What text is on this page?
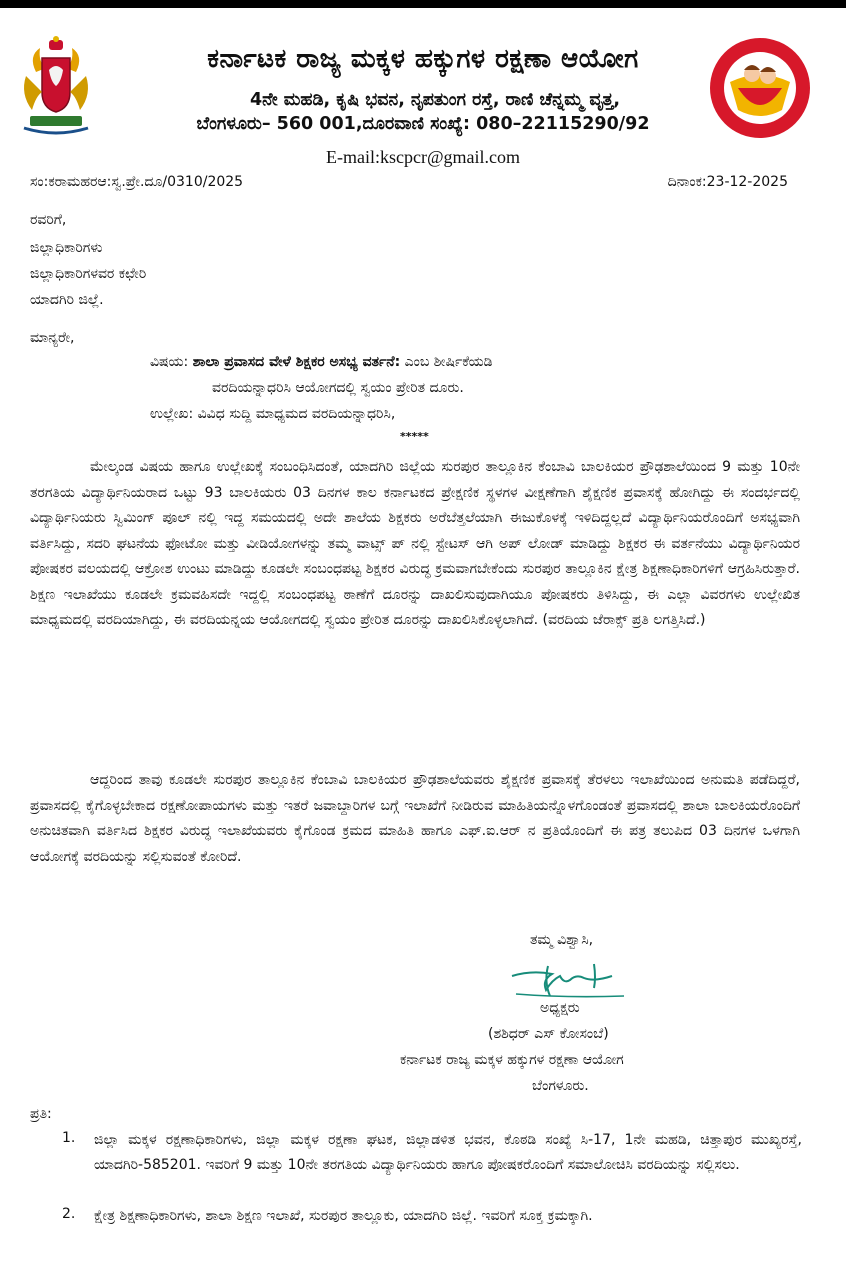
ಕರ್ನಾಟಕ ರಾಜ್ಯ ಮಕ್ಕಳ ಹಕ್ಕುಗಳ ರಕ್ಷಣಾ ಆಯೋಗ
4ನೇ ಮಹಡಿ, ಕೃಷಿ ಭವನ, ನೃಪತುಂಗ ರಸ್ತೆ, ರಾಣಿ ಚೆನ್ನಮ್ಮ ವೃತ್ತ,
ಬೆಂಗಳೂರು– 560 001,ದೂರವಾಣಿ ಸಂಖ್ಯೆ: 080–22115290/92
E-mail:kscpcr@gmail.com
ಸಂ:ಕರಾಮಹರಆ:ಸ್ವ.ಪ್ರೇ.ದೂ/0310/2025	ದಿನಾಂಕ:23-12-2025
ರವರಿಗೆ,
ಜಿಲ್ಲಾಧಿಕಾರಿಗಳು
ಜಿಲ್ಲಾಧಿಕಾರಿಗಳವರ ಕಛೇರಿ
ಯಾದಗಿರಿ ಜಿಲ್ಲೆ.
ಮಾನ್ಯರೇ,
ವಿಷಯ: ಶಾಲಾ ಪ್ರವಾಸದ ವೇಳೆ ಶಿಕ್ಷಕರ ಅಸಭ್ಯ ವರ್ತನೆ: ಎಂಬ ಶೀರ್ಷಿಕೆಯಡಿ
ವರದಿಯನ್ನಾಧರಿಸಿ ಆಯೋಗದಲ್ಲಿ ಸ್ವಯಂ ಪ್ರೇರಿತ ದೂರು.
ಉಲ್ಲೇಖ: ವಿವಿಧ ಸುದ್ದಿ ಮಾಧ್ಯಮದ ವರದಿಯನ್ನಾಧರಿಸಿ,
*****
ಮೇಲ್ಕಂಡ ವಿಷಯ ಹಾಗೂ ಉಲ್ಲೇಖಕ್ಕೆ ಸಂಬಂಧಿಸಿದಂತೆ, ಯಾದಗಿರಿ ಜಿಲ್ಲೆಯ ಸುರಪುರ ತಾಲ್ಲೂಕಿನ ಕೆಂಬಾವಿ ಬಾಲಕಿಯರ ಪ್ರೌಢಶಾಲೆಯಿಂದ 9 ಮತ್ತು 10ನೇ ತರಗತಿಯ ವಿದ್ಯಾರ್ಥಿನಿಯರಾದ ಒಟ್ಟು 93 ಬಾಲಕಿಯರು 03 ದಿನಗಳ ಕಾಲ ಕರ್ನಾಟಕದ ಪ್ರೇಕ್ಷಣಿಕ ಸ್ಥಳಗಳ ವೀಕ್ಷಣೆಗಾಗಿ ಶೈಕ್ಷಣಿಕ ಪ್ರವಾಸಕ್ಕೆ ಹೋಗಿದ್ದು ಈ ಸಂದರ್ಭದಲ್ಲಿ ವಿದ್ಯಾರ್ಥಿನಿಯರು ಸ್ವಿಮಿಂಗ್ ಪೂಲ್ ನಲ್ಲಿ ಇದ್ದ ಸಮಯದಲ್ಲಿ ಅದೇ ಶಾಲೆಯ ಶಿಕ್ಷಕರು ಅರೆಬೆತ್ತಲೆಯಾಗಿ ಈಜುಕೊಳಕ್ಕೆ ಇಳಿದಿದ್ದಲ್ಲದೆ ವಿದ್ಯಾರ್ಥಿನಿಯರೊಂದಿಗೆ ಅಸಭ್ಯವಾಗಿ ವರ್ತಿಸಿದ್ದು, ಸದರಿ ಘಟನೆಯ ಫೋಟೋ ಮತ್ತು ವೀಡಿಯೋಗಳನ್ನು ತಮ್ಮ ವಾಟ್ಸ್ ಪ್ ನಲ್ಲಿ ಸ್ಟೇಟಸ್ ಆಗಿ ಅಪ್ ಲೋಡ್ ಮಾಡಿದ್ದು ಶಿಕ್ಷಕರ ಈ ವರ್ತನೆಯು ವಿದ್ಯಾರ್ಥಿನಿಯರ ಪೋಷಕರ ವಲಯದಲ್ಲಿ ಆಕ್ರೋಶ ಉಂಟು ಮಾಡಿದ್ದು ಕೂಡಲೇ ಸಂಬಂಧಪಟ್ಟ ಶಿಕ್ಷಕರ ವಿರುದ್ಧ ಕ್ರಮವಾಗಬೇಕೆಂದು ಸುರಪುರ ತಾಲ್ಲೂಕಿನ ಕ್ಷೇತ್ರ ಶಿಕ್ಷಣಾಧಿಕಾರಿಗಳಿಗೆ ಆಗ್ರಹಿಸಿರುತ್ತಾರೆ. ಶಿಕ್ಷಣ ಇಲಾಖೆಯು ಕೂಡಲೇ ಕ್ರಮವಹಿಸದೇ ಇದ್ದಲ್ಲಿ ಸಂಬಂಧಪಟ್ಟ ಠಾಣೆಗೆ ದೂರನ್ನು ದಾಖಲಿಸುವುದಾಗಿಯೂ ಪೋಷಕರು ತಿಳಿಸಿದ್ದು, ಈ ಎಲ್ಲಾ ವಿವರಗಳು ಉಲ್ಲೇಖಿತ ಮಾಧ್ಯಮದಲ್ಲಿ ವರದಿಯಾಗಿದ್ದು, ಈ ವರದಿಯನ್ನಯ ಆಯೋಗದಲ್ಲಿ ಸ್ವಯಂ ಪ್ರೇರಿತ ದೂರನ್ನು ದಾಖಲಿಸಿಕೊಳ್ಳಲಾಗಿದೆ. (ವರದಿಯ ಜೆರಾಕ್ಸ್ ಪ್ರತಿ ಲಗತ್ತಿಸಿದೆ.)
ಆದ್ದರಿಂದ ತಾವು ಕೂಡಲೇ ಸುರಪುರ ತಾಲ್ಲೂಕಿನ ಕೆಂಬಾವಿ ಬಾಲಕಿಯರ ಪ್ರೌಢಶಾಲೆಯವರು ಶೈಕ್ಷಣಿಕ ಪ್ರವಾಸಕ್ಕೆ ತೆರಳಲು ಇಲಾಖೆಯಿಂದ ಅನುಮತಿ ಪಡೆದಿದ್ದರೆ, ಪ್ರವಾಸದಲ್ಲಿ ಕೈಗೊಳ್ಳಬೇಕಾದ ರಕ್ಷಣೋಪಾಯಗಳು ಮತ್ತು ಇತರೆ ಜವಾಬ್ದಾರಿಗಳ ಬಗ್ಗೆ ಇಲಾಖೆಗೆ ನೀಡಿರುವ ಮಾಹಿತಿಯನ್ನೊಳಗೊಂಡಂತೆ ಪ್ರವಾಸದಲ್ಲಿ ಶಾಲಾ ಬಾಲಕಿಯರೊಂದಿಗೆ ಅನುಚಿತವಾಗಿ ವರ್ತಿಸಿದ ಶಿಕ್ಷಕರ ವಿರುದ್ಧ ಇಲಾಖೆಯವರು ಕೈಗೊಂಡ ಕ್ರಮದ ಮಾಹಿತಿ ಹಾಗೂ ಎಫ್.ಐ.ಆರ್ ನ ಪ್ರತಿಯೊಂದಿಗೆ ಈ ಪತ್ರ ತಲುಪಿದ 03 ದಿನಗಳ ಒಳಗಾಗಿ ಆಯೋಗಕ್ಕೆ ವರದಿಯನ್ನು ಸಲ್ಲಿಸುವಂತೆ ಕೋರಿದೆ.
ತಮ್ಮ ವಿಶ್ವಾಸಿ,
ಅಧ್ಯಕ್ಷರು
(ಶಶಿಧರ್ ಎಸ್ ಕೋಸಂಬೆ)
ಕರ್ನಾಟಕ ರಾಜ್ಯ ಮಕ್ಕಳ ಹಕ್ಕುಗಳ ರಕ್ಷಣಾ ಆಯೋಗ
ಬೆಂಗಳೂರು.
ಪ್ರತಿ:
1. ಜಿಲ್ಲಾ ಮಕ್ಕಳ ರಕ್ಷಣಾಧಿಕಾರಿಗಳು, ಜಿಲ್ಲಾ ಮಕ್ಕಳ ರಕ್ಷಣಾ ಘಟಕ, ಜಿಲ್ಲಾಡಳಿತ ಭವನ, ಕೊಠಡಿ ಸಂಖ್ಯೆ ಸಿ-17, 1ನೇ ಮಹಡಿ, ಚಿತ್ತಾಪುರ ಮುಖ್ಯರಸ್ತೆ, ಯಾದಗಿರಿ-585201. ಇವರಿಗೆ 9 ಮತ್ತು 10ನೇ ತರಗತಿಯ ವಿದ್ಯಾರ್ಥಿನಿಯರು ಹಾಗೂ ಪೋಷಕರೊಂದಿಗೆ ಸಮಾಲೋಚಿಸಿ ವರದಿಯನ್ನು ಸಲ್ಲಿಸಲು.
2. ಕ್ಷೇತ್ರ ಶಿಕ್ಷಣಾಧಿಕಾರಿಗಳು, ಶಾಲಾ ಶಿಕ್ಷಣ ಇಲಾಖೆ, ಸುರಪುರ ತಾಲ್ಲೂಕು, ಯಾದಗಿರಿ ಜಿಲ್ಲೆ. ಇವರಿಗೆ ಸೂಕ್ತ ಕ್ರಮಕ್ಕಾಗಿ.
